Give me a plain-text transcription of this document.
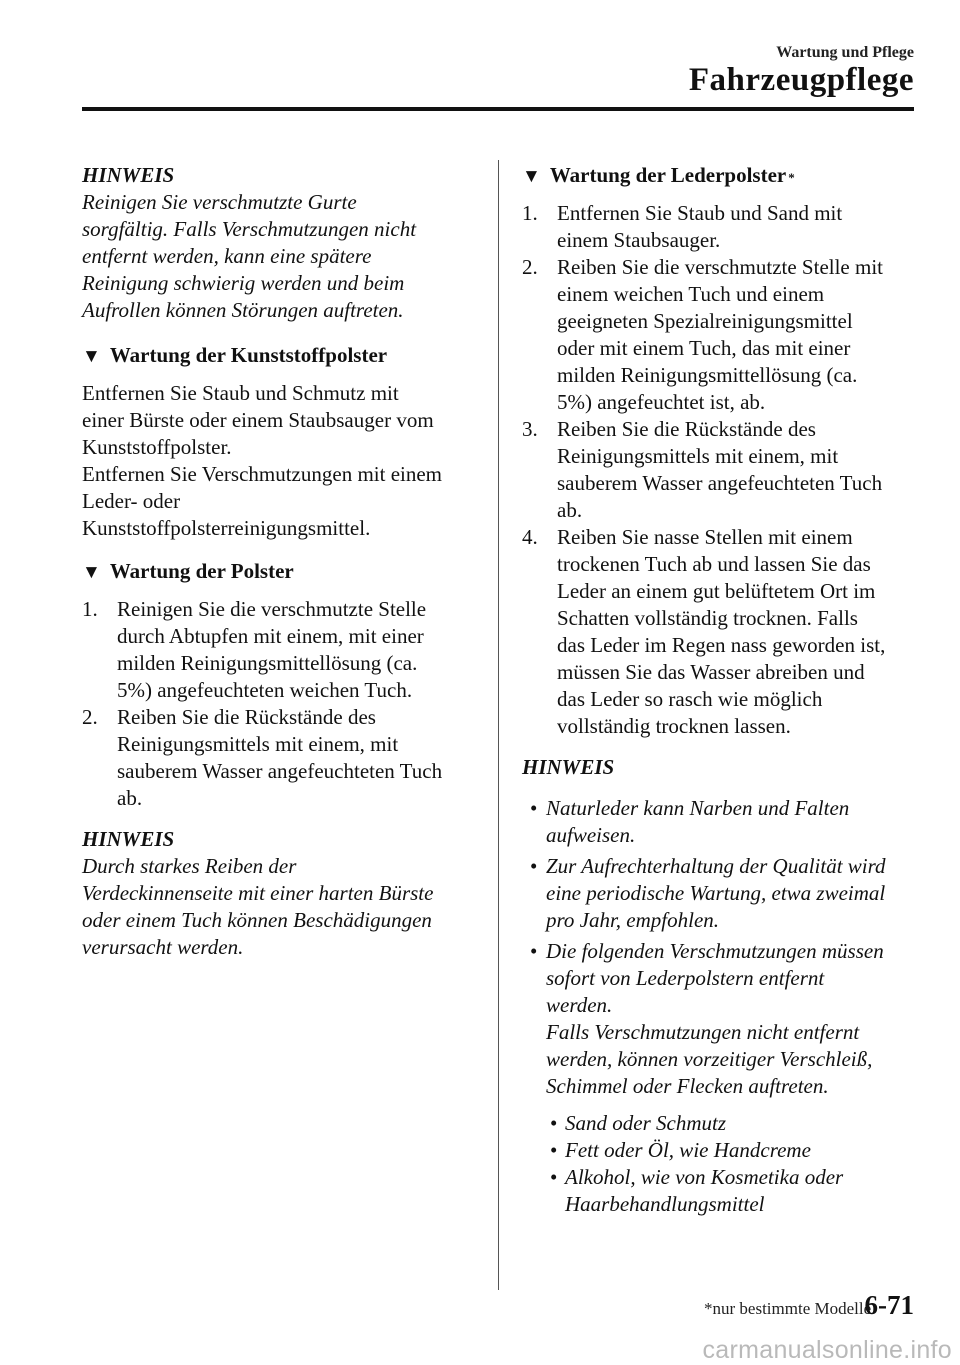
Wartung und Pflege
Fahrzeugpflege

HINWEIS

Reinigen Sie verschmutzte Gurte

sorgfältig. Falls Verschmutzungen nicht

entfernt werden, kann eine spätere

Reinigung schwierig werden und beim

Aufrollen können Störungen auftreten.

▼ Wartung der Kunststoffpolster

Entfernen Sie Staub und Schmutz mit

einer Bürste oder einem Staubsauger vom

Kunststoffpolster.

Entfernen Sie Verschmutzungen mit einem

Leder- oder

Kunststoffpolsterreinigungsmittel.

▼ Wartung der Polster
1. Reinigen Sie die verschmutzte Stelle
durch Abtupfen mit einem, mit einer
milden Reinigungsmittellösung (ca.
5%) angefeuchteten weichen Tuch.
2. Reiben Sie die Rückstände des
Reinigungsmittels mit einem, mit
sauberem Wasser angefeuchteten Tuch
ab.

HINWEIS

Durch starkes Reiben der

Verdeckinnenseite mit einer harten Bürste

oder einem Tuch können Beschädigungen

verursacht werden.

▼ Wartung der Lederpolster *
1. Entfernen Sie Staub und Sand mit
einem Staubsauger.
2. Reiben Sie die verschmutzte Stelle mit
einem weichen Tuch und einem
geeigneten Spezialreinigungsmittel
oder mit einem Tuch, das mit einer
milden Reinigungsmittellösung (ca.
5%) angefeuchtet ist, ab.
3. Reiben Sie die Rückstände des
Reinigungsmittels mit einem, mit
sauberem Wasser angefeuchteten Tuch
ab.
4. Reiben Sie nasse Stellen mit einem
trockenen Tuch ab und lassen Sie das
Leder an einem gut belüftetem Ort im
Schatten vollständig trocknen. Falls
das Leder im Regen nass geworden ist,
müssen Sie das Wasser abreiben und
das Leder so rasch wie möglich
vollständig trocknen lassen.

HINWEIS

• Naturleder kann Narben und Falten
aufweisen.
• Zur Aufrechterhaltung der Qualität wird
eine periodische Wartung, etwa zweimal
pro Jahr, empfohlen.
• Die folgenden Verschmutzungen müssen
sofort von Lederpolstern entfernt
werden.
Falls Verschmutzungen nicht entfernt
werden, können vorzeitiger Verschleiß,
Schimmel oder Flecken auftreten.
• Sand oder Schmutz
• Fett oder Öl, wie Handcreme
• Alkohol, wie von Kosmetika oder
Haarbehandlungsmittel
*nur bestimmte Modelle
6-71
carmanualsonline.info
